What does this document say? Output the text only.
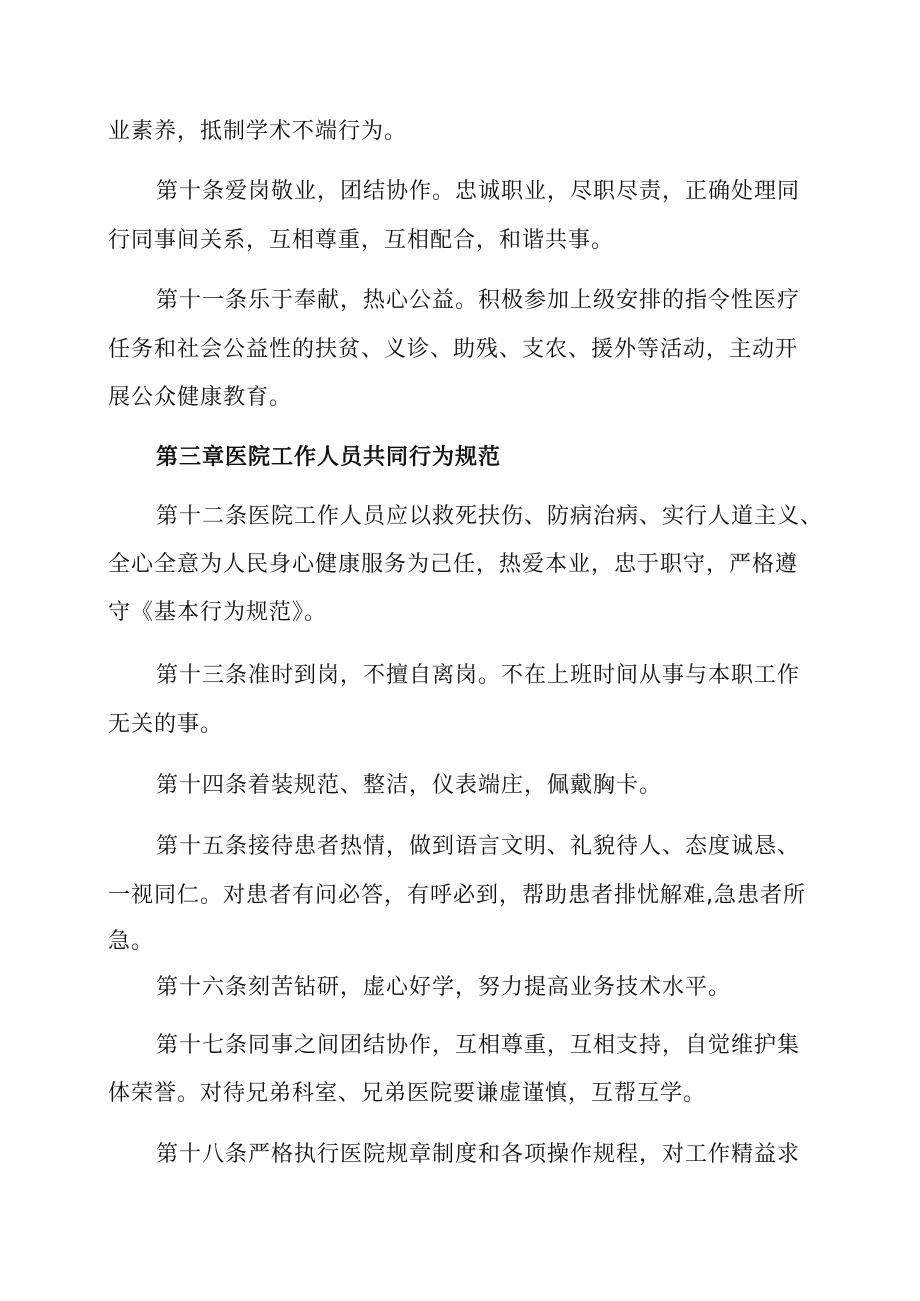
业素养，抵制学术不端行为。
第十条爱岗敬业，团结协作。忠诚职业，尽职尽责，正确处理同
行同事间关系，互相尊重，互相配合，和谐共事。
第十一条乐于奉献，热心公益。积极参加上级安排的指令性医疗
任务和社会公益性的扶贫、义诊、助残、支农、援外等活动，主动开
展公众健康教育。
第三章医院工作人员共同行为规范
第十二条医院工作人员应以救死扶伤、防病治病、实行人道主义、
全心全意为人民身心健康服务为己任，热爱本业，忠于职守，严格遵
守《基本行为规范》。
第十三条准时到岗，不擅自离岗。不在上班时间从事与本职工作
无关的事。
第十四条着装规范、整洁，仪表端庄，佩戴胸卡。
第十五条接待患者热情，做到语言文明、礼貌待人、态度诚恳、
一视同仁。对患者有问必答，有呼必到，帮助患者排忧解难,急患者所
急。
第十六条刻苦钻研，虚心好学，努力提高业务技术水平。
第十七条同事之间团结协作，互相尊重，互相支持，自觉维护集
体荣誉。对待兄弟科室、兄弟医院要谦虚谨慎，互帮互学。
第十八条严格执行医院规章制度和各项操作规程，对工作精益求
